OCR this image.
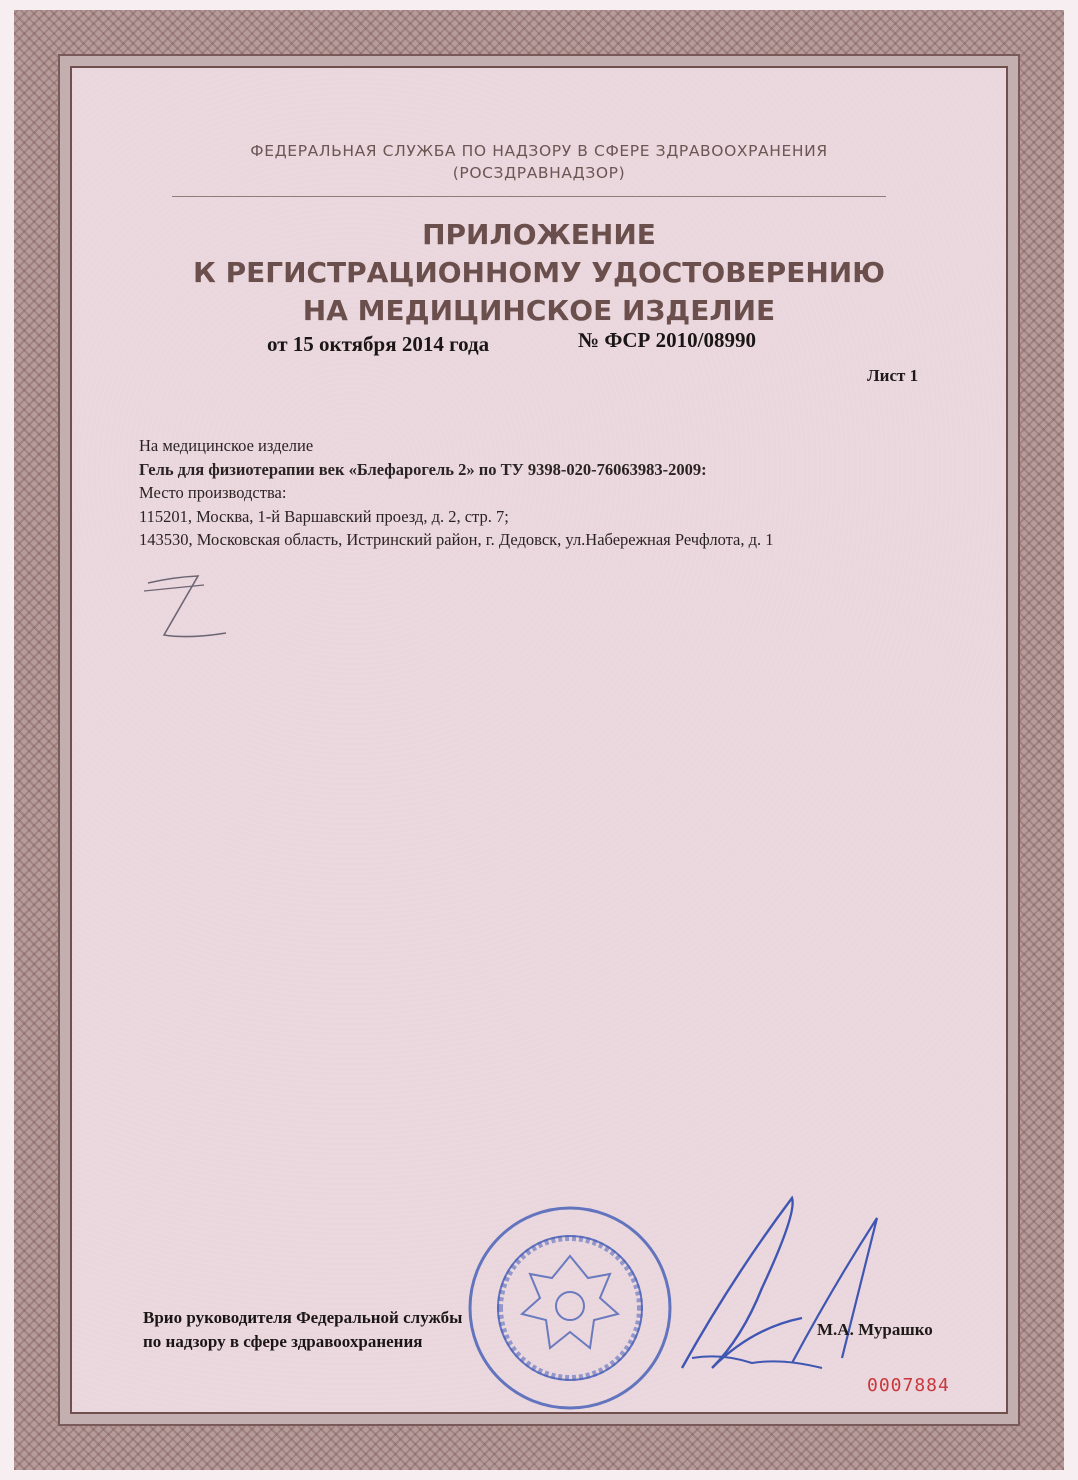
ФЕДЕРАЛЬНАЯ СЛУЖБА ПО НАДЗОРУ В СФЕРЕ ЗДРАВООХРАНЕНИЯ
(РОСЗДРАВНАДЗОР)
ПРИЛОЖЕНИЕ
К РЕГИСТРАЦИОННОМУ УДОСТОВЕРЕНИЮ
НА МЕДИЦИНСКОЕ ИЗДЕЛИЕ
от 15 октября 2014 года	№ ФСР 2010/08990
Лист 1
На медицинское изделие
Гель для физиотерапии век «Блефарогель 2» по ТУ 9398-020-76063983-2009:
Место производства:
115201, Москва, 1-й Варшавский проезд, д. 2, стр. 7;
143530, Московская область, Истринский район, г. Дедовск, ул.Набережная Речфлота, д. 1
Врио руководителя Федеральной службы
по надзору в сфере здравоохранения
М.А. Мурашко
0007884
